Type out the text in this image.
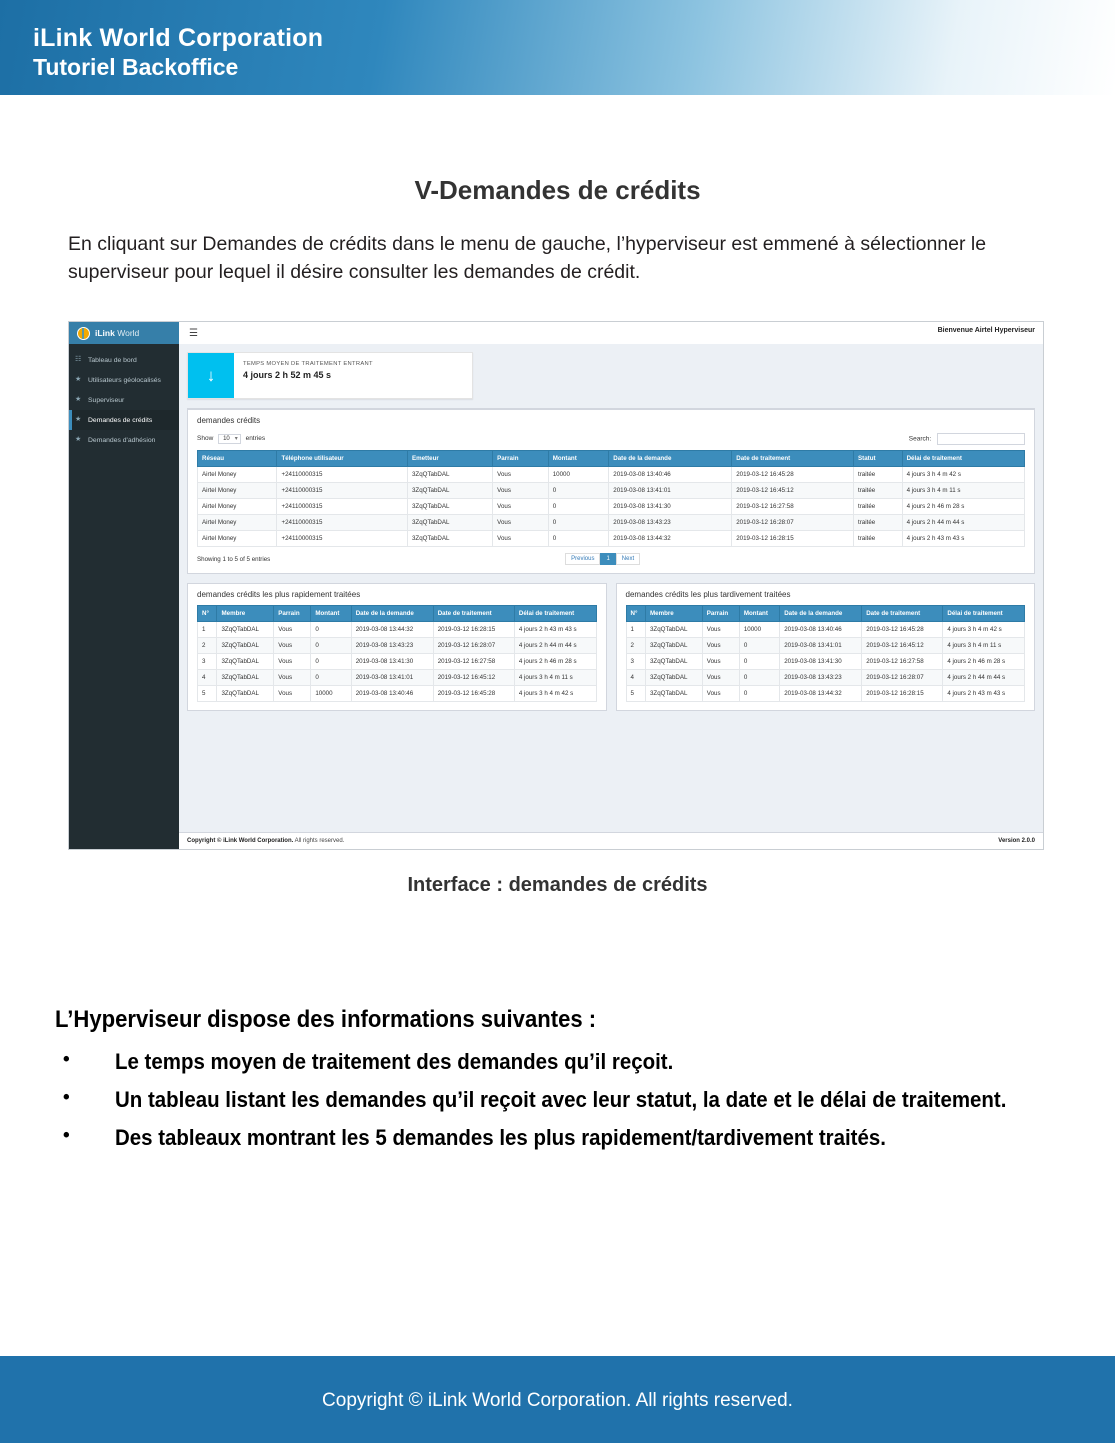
iLink World Corporation
Tutoriel Backoffice
V-Demandes de crédits
En cliquant sur Demandes de crédits dans le menu de gauche, l’hyperviseur est emmené à sélectionner le superviseur pour lequel il désire consulter les demandes de crédit.
iLink World	☰	Bienvenue Airtel Hyperviseur
☷ Tableau de bord
★ Utilisateurs géolocalisés
★ Superviseur
★ Demandes de crédits
★ Demandes d'adhésion
↓
TEMPS MOYEN DE TRAITEMENT ENTRANT
4 jours 2 h 52 m 45 s
demandes crédits
Show 10 ▾ entries	Search:
Réseau	Téléphone utilisateur	Emetteur	Parrain	Montant	Date de la demande	Date de traitement	Statut	Délai de traitement
Airtel Money	+24110000315	3ZqQTabDAL	Vous	10000	2019-03-08 13:40:46	2019-03-12 16:45:28	traitée	4 jours 3 h 4 m 42 s
Airtel Money	+24110000315	3ZqQTabDAL	Vous	0	2019-03-08 13:41:01	2019-03-12 16:45:12	traitée	4 jours 3 h 4 m 11 s
Airtel Money	+24110000315	3ZqQTabDAL	Vous	0	2019-03-08 13:41:30	2019-03-12 16:27:58	traitée	4 jours 2 h 46 m 28 s
Airtel Money	+24110000315	3ZqQTabDAL	Vous	0	2019-03-08 13:43:23	2019-03-12 16:28:07	traitée	4 jours 2 h 44 m 44 s
Airtel Money	+24110000315	3ZqQTabDAL	Vous	0	2019-03-08 13:44:32	2019-03-12 16:28:15	traitée	4 jours 2 h 43 m 43 s
Showing 1 to 5 of 5 entries	Previous	1	Next
demandes crédits les plus rapidement traitées
N°	Membre	Parrain	Montant	Date de la demande	Date de traitement	Délai de traitement
1	3ZqQTabDAL	Vous	0	2019-03-08 13:44:32	2019-03-12 16:28:15	4 jours 2 h 43 m 43 s
2	3ZqQTabDAL	Vous	0	2019-03-08 13:43:23	2019-03-12 16:28:07	4 jours 2 h 44 m 44 s
3	3ZqQTabDAL	Vous	0	2019-03-08 13:41:30	2019-03-12 16:27:58	4 jours 2 h 46 m 28 s
4	3ZqQTabDAL	Vous	0	2019-03-08 13:41:01	2019-03-12 16:45:12	4 jours 3 h 4 m 11 s
5	3ZqQTabDAL	Vous	10000	2019-03-08 13:40:46	2019-03-12 16:45:28	4 jours 3 h 4 m 42 s
demandes crédits les plus tardivement traitées
N°	Membre	Parrain	Montant	Date de la demande	Date de traitement	Délai de traitement
1	3ZqQTabDAL	Vous	10000	2019-03-08 13:40:46	2019-03-12 16:45:28	4 jours 3 h 4 m 42 s
2	3ZqQTabDAL	Vous	0	2019-03-08 13:41:01	2019-03-12 16:45:12	4 jours 3 h 4 m 11 s
3	3ZqQTabDAL	Vous	0	2019-03-08 13:41:30	2019-03-12 16:27:58	4 jours 2 h 46 m 28 s
4	3ZqQTabDAL	Vous	0	2019-03-08 13:43:23	2019-03-12 16:28:07	4 jours 2 h 44 m 44 s
5	3ZqQTabDAL	Vous	0	2019-03-08 13:44:32	2019-03-12 16:28:15	4 jours 2 h 43 m 43 s
Copyright © iLink World Corporation. All rights reserved.	Version 2.0.0
Interface : demandes de crédits
L’Hyperviseur dispose des informations suivantes :
•	Le temps moyen de traitement des demandes qu’il reçoit.
•	Un tableau listant les demandes qu’il reçoit avec leur statut, la date et le délai de traitement.
•	Des tableaux montrant les 5 demandes les plus rapidement/tardivement traités.
Copyright © iLink World Corporation. All rights reserved.
